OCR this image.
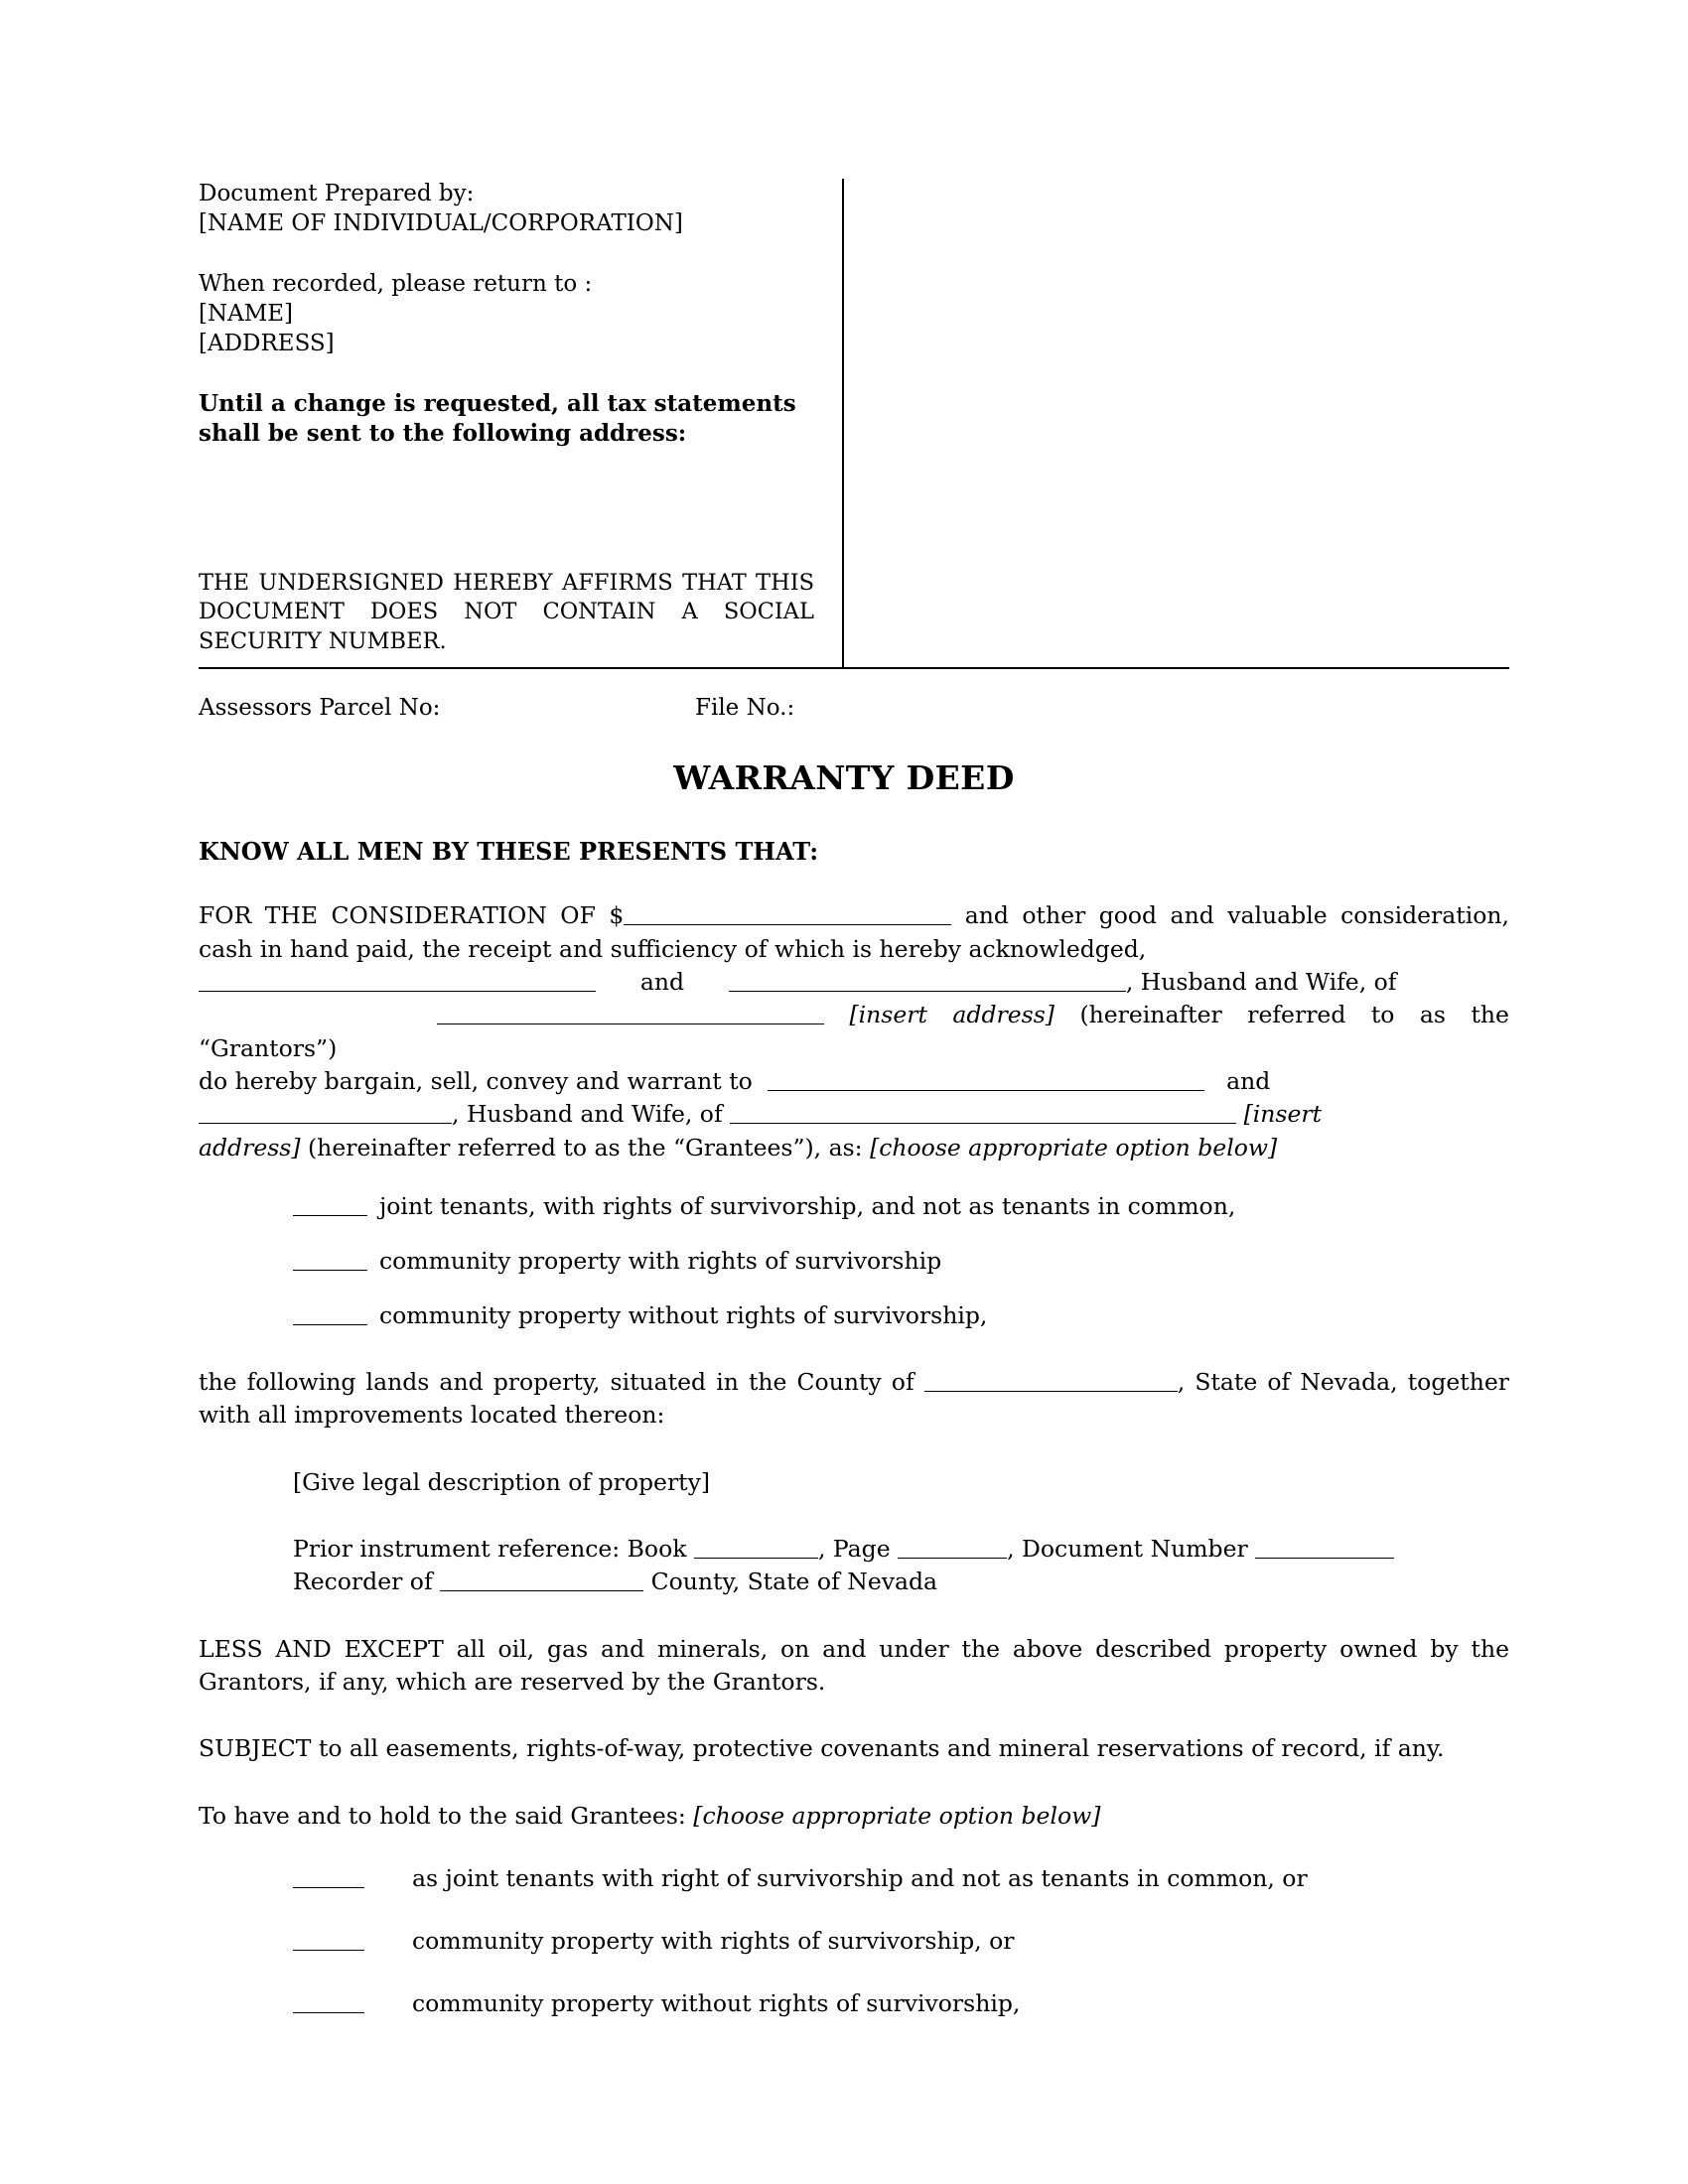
Document Prepared by:
[NAME OF INDIVIDUAL/CORPORATION]
When recorded, please return to :
[NAME]
[ADDRESS]
Until a change is requested, all tax statements
shall be sent to the following address:
THE UNDERSIGNED HEREBY AFFIRMS THAT THIS DOCUMENT DOES NOT CONTAIN A SOCIAL SECURITY NUMBER.
Assessors Parcel No:	File No.:
WARRANTY DEED
KNOW ALL MEN BY THESE PRESENTS THAT:
FOR THE CONSIDERATION OF $	and other good and valuable consideration, cash in hand paid, the receipt and sufficiency of which is hereby acknowledged,
and	, Husband and Wife, of
[insert address] (hereinafter referred to as the “Grantors”)
do hereby bargain, sell, convey and warrant to	and
, Husband and Wife, of	[insert
address] (hereinafter referred to as the “Grantees”), as: [choose appropriate option below]
joint tenants, with rights of survivorship, and not as tenants in common,
community property with rights of survivorship
community property without rights of survivorship,
the following lands and property, situated in the County of	, State of Nevada, together with all improvements located thereon:
[Give legal description of property]
Prior instrument reference: Book	, Page	, Document Number
Recorder of	County, State of Nevada
LESS AND EXCEPT all oil, gas and minerals, on and under the above described property owned by the Grantors, if any, which are reserved by the Grantors.
SUBJECT to all easements, rights-of-way, protective covenants and mineral reservations of record, if any.
To have and to hold to the said Grantees: [choose appropriate option below]
as joint tenants with right of survivorship and not as tenants in common, or
community property with rights of survivorship, or
community property without rights of survivorship,
